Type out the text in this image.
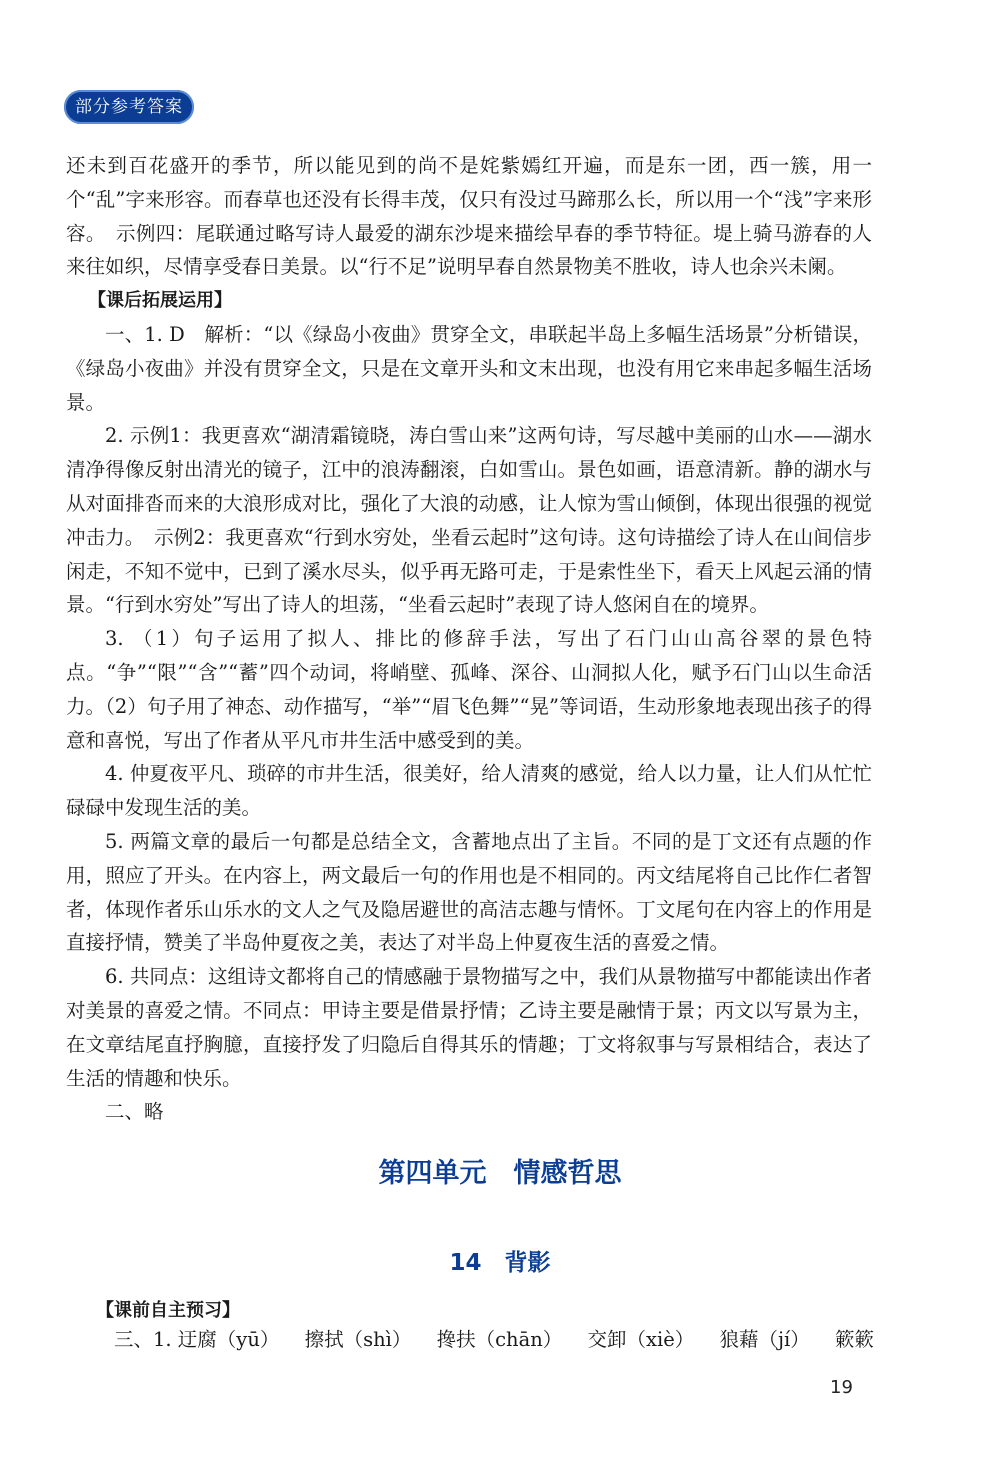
部分参考答案

还未到百花盛开的季节，所以能见到的尚不是姹紫嫣红开遍，而是东一团，西一簇，用一个“乱”字来形容。而春草也还没有长得丰茂，仅只有没过马蹄那么长，所以用一个“浅”字来形容。　示例四：尾联通过略写诗人最爱的湖东沙堤来描绘早春的季节特征。堤上骑马游春的人来往如织，尽情享受春日美景。以“行不足”说明早春自然景物美不胜收，诗人也余兴未阑。

【课后拓展运用】

一、1. D　解析：“以《绿岛小夜曲》贯穿全文，串联起半岛上多幅生活场景”分析错误，《绿岛小夜曲》并没有贯穿全文，只是在文章开头和文末出现，也没有用它来串起多幅生活场景。

2. 示例1：我更喜欢“湖清霜镜晓，涛白雪山来”这两句诗，写尽越中美丽的山水——湖水清净得像反射出清光的镜子，江中的浪涛翻滚，白如雪山。景色如画，语意清新。静的湖水与从对面排沓而来的大浪形成对比，强化了大浪的动感，让人惊为雪山倾倒，体现出很强的视觉冲击力。　示例2：我更喜欢“行到水穷处，坐看云起时”这句诗。这句诗描绘了诗人在山间信步闲走，不知不觉中，已到了溪水尽头，似乎再无路可走，于是索性坐下，看天上风起云涌的情景。“行到水穷处”写出了诗人的坦荡，“坐看云起时”表现了诗人悠闲自在的境界。

3. （1）句子运用了拟人、排比的修辞手法，写出了石门山山高谷翠的景色特点。“争”“限”“含”“蓄”四个动词，将峭壁、孤峰、深谷、山洞拟人化，赋予石门山以生命活力。（2）句子用了神态、动作描写，“举”“眉飞色舞”“晃”等词语，生动形象地表现出孩子的得意和喜悦，写出了作者从平凡市井生活中感受到的美。

4. 仲夏夜平凡、琐碎的市井生活，很美好，给人清爽的感觉，给人以力量，让人们从忙忙碌碌中发现生活的美。

5. 两篇文章的最后一句都是总结全文，含蓄地点出了主旨。不同的是丁文还有点题的作用，照应了开头。在内容上，两文最后一句的作用也是不相同的。丙文结尾将自己比作仁者智者，体现作者乐山乐水的文人之气及隐居避世的高洁志趣与情怀。丁文尾句在内容上的作用是直接抒情，赞美了半岛仲夏夜之美，表达了对半岛上仲夏夜生活的喜爱之情。

6. 共同点：这组诗文都将自己的情感融于景物描写之中，我们从景物描写中都能读出作者对美景的喜爱之情。不同点：甲诗主要是借景抒情；乙诗主要是融情于景；丙文以写景为主，在文章结尾直抒胸臆，直接抒发了归隐后自得其乐的情趣；丁文将叙事与写景相结合，表达了生活的情趣和快乐。

二、略

第四单元　情感哲思
14　背影
【课前自主预习】
三、1. 迂腐（yū） 擦拭（shì） 搀扶（chān） 交卸（xiè） 狼藉（jí） 簌簌
19
